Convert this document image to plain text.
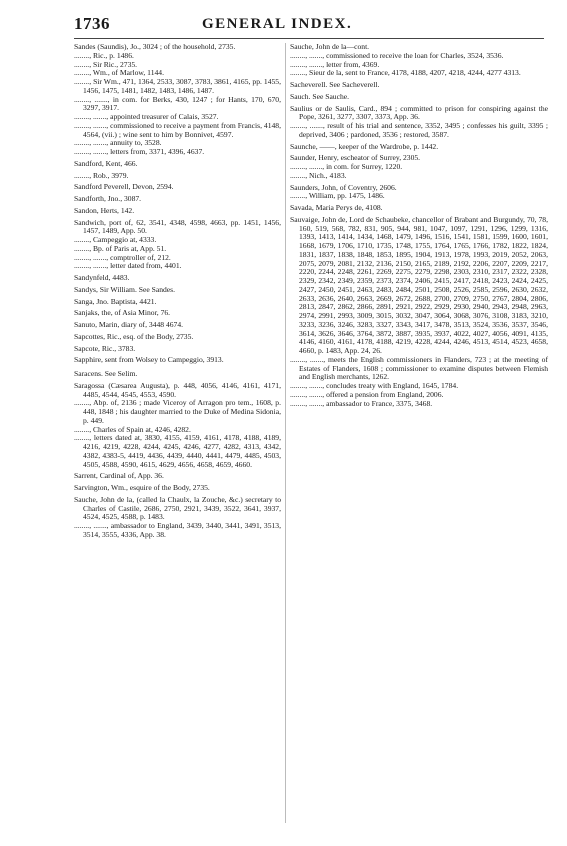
1736	GENERAL INDEX.

Sandes (Saundis), Jo., 3024 ; of the household, 2735.

........, Ric., p. 1486.

........, Sir Ric., 2735.

........, Wm., of Marlow, 1144.

........, Sir Wm., 471, 1364, 2533, 3087, 3783, 3861, 4165, pp. 1455, 1456, 1475, 1481, 1482, 1483, 1486, 1487.

........, ......., in com. for Berks, 430, 1247 ; for Hants, 170, 670, 3297, 3917.

........, ......., appointed treasurer of Calais, 3527.

........, ......., commissioned to receive a payment from Francis, 4148, 4564, (vii.) ; wine sent to him by Bonnivet, 4597.

........, ......., annuity to, 3528.

........, ......., letters from, 3371, 4396, 4637.

Sandford, Kent, 466.

........, Rob., 3979.

Sandford Peverell, Devon, 2594.

Sandforth, Jno., 3087.

Sandon, Herts, 142.

Sandwich, port of, 62, 3541, 4348, 4598, 4663, pp. 1451, 1456, 1457, 1489, App. 50.

........, Campeggio at, 4333.

........, Bp. of Paris at, App. 51.

........, ......., comptroller of, 212.

........, ......., letter dated from, 4401.

Sandynfeld, 4483.

Sandys, Sir William. See Sandes.

Sanga, Jno. Baptista, 4421.

Sanjaks, the, of Asia Minor, 76.

Sanuto, Marin, diary of, 3448 4674.

Sapcottes, Ric., esq. of the Body, 2735.

Sapcote, Ric., 3783.

Sapphire, sent from Wolsey to Campeggio, 3913.

Saracens. See Selim.

Saragossa (Cæsarea Augusta), p. 448, 4056, 4146, 4161, 4171, 4485, 4544, 4545, 4553, 4590.

........, Abp. of, 2136 ; made Viceroy of Arragon pro tem., 1608, p. 448, 1848 ; his daughter married to the Duke of Medina Sidonia, p. 449.

........, Charles of Spain at, 4246, 4282.

........, letters dated at, 3830, 4155, 4159, 4161, 4178, 4188, 4189, 4216, 4219, 4228, 4244, 4245, 4246, 4277, 4282, 4313, 4342, 4382, 4383-5, 4419, 4436, 4439, 4440, 4441, 4479, 4485, 4503, 4505, 4588, 4590, 4615, 4629, 4656, 4658, 4659, 4660.

Sarrent, Cardinal of, App. 36.

Sarvington, Wm., esquire of the Body, 2735.

Sauche, John de la, (called la Chaulx, la Zouche, &c.) secretary to Charles of Castile, 2686, 2750, 2921, 3439, 3522, 3641, 3937, 4524, 4525, 4588, p. 1483.

........, ......., ambassador to England, 3439, 3440, 3441, 3491, 3513, 3514, 3555, 4336, App. 38.

Sauche, John de la—cont.

........, ......., commissioned to receive the loan for Charles, 3524, 3536.

........, ......., letter from, 4369.

........, Sieur de la, sent to France, 4178, 4188, 4207, 4218, 4244, 4277 4313.

Sacheverell. See Sacheverell.

Sauch. See Sauche.

Saulius or de Saulis, Card., 894 ; committed to prison for conspiring against the Pope, 3261, 3277, 3307, 3373, App. 36.

........, ......., result of his trial and sentence, 3352, 3495 ; confesses his guilt, 3395 ; deprived, 3406 ; pardoned, 3536 ; restored, 3587.

Saunche, ——, keeper of the Wardrobe, p. 1442.

Saunder, Henry, escheator of Surrey, 2305.

........, ......., in com. for Surrey, 1220.

........, Nich., 4183.

Saunders, John, of Coventry, 2606.

........, William, pp. 1475, 1486.

Savada, Maria Perys de, 4108.

Sauvaige, John de, Lord de Schaubeke, chancellor of Brabant and Burgundy, 70, 78, 160, 519, 568, 782, 831, 905, 944, 981, 1047, 1097, 1291, 1296, 1299, 1316, 1393, 1413, 1414, 1434, 1468, 1479, 1496, 1516, 1541, 1581, 1599, 1600, 1601, 1668, 1679, 1706, 1710, 1735, 1748, 1755, 1764, 1765, 1766, 1782, 1822, 1824, 1831, 1837, 1838, 1848, 1853, 1895, 1904, 1913, 1978, 1993, 2019, 2052, 2063, 2075, 2079, 2081, 2132, 2136, 2150, 2165, 2189, 2192, 2206, 2207, 2209, 2217, 2220, 2244, 2248, 2261, 2269, 2275, 2279, 2298, 2303, 2310, 2317, 2322, 2328, 2329, 2342, 2349, 2359, 2373, 2374, 2406, 2415, 2417, 2418, 2423, 2424, 2425, 2427, 2450, 2451, 2463, 2483, 2484, 2501, 2508, 2526, 2585, 2596, 2630, 2632, 2633, 2636, 2640, 2663, 2669, 2672, 2688, 2700, 2709, 2750, 2767, 2804, 2806, 2813, 2847, 2862, 2866, 2891, 2921, 2922, 2929, 2930, 2940, 2943, 2948, 2963, 2974, 2991, 2993, 3009, 3015, 3032, 3047, 3064, 3068, 3076, 3108, 3183, 3210, 3233, 3236, 3246, 3283, 3327, 3343, 3417, 3478, 3513, 3524, 3536, 3537, 3546, 3614, 3626, 3646, 3764, 3872, 3887, 3935, 3937, 4022, 4027, 4056, 4091, 4135, 4146, 4160, 4161, 4178, 4188, 4219, 4228, 4244, 4246, 4513, 4514, 4523, 4658, 4660, p. 1483, App. 24, 26.

........, ......., meets the English commissioners in Flanders, 723 ; at the meeting of Estates of Flanders, 1608 ; commissioner to examine disputes between Flemish and English merchants, 1262.

........, ......., concludes treaty with England, 1645, 1784.

........, ......., offered a pension from England, 2006.

........, ......., ambassador to France, 3375, 3468.
